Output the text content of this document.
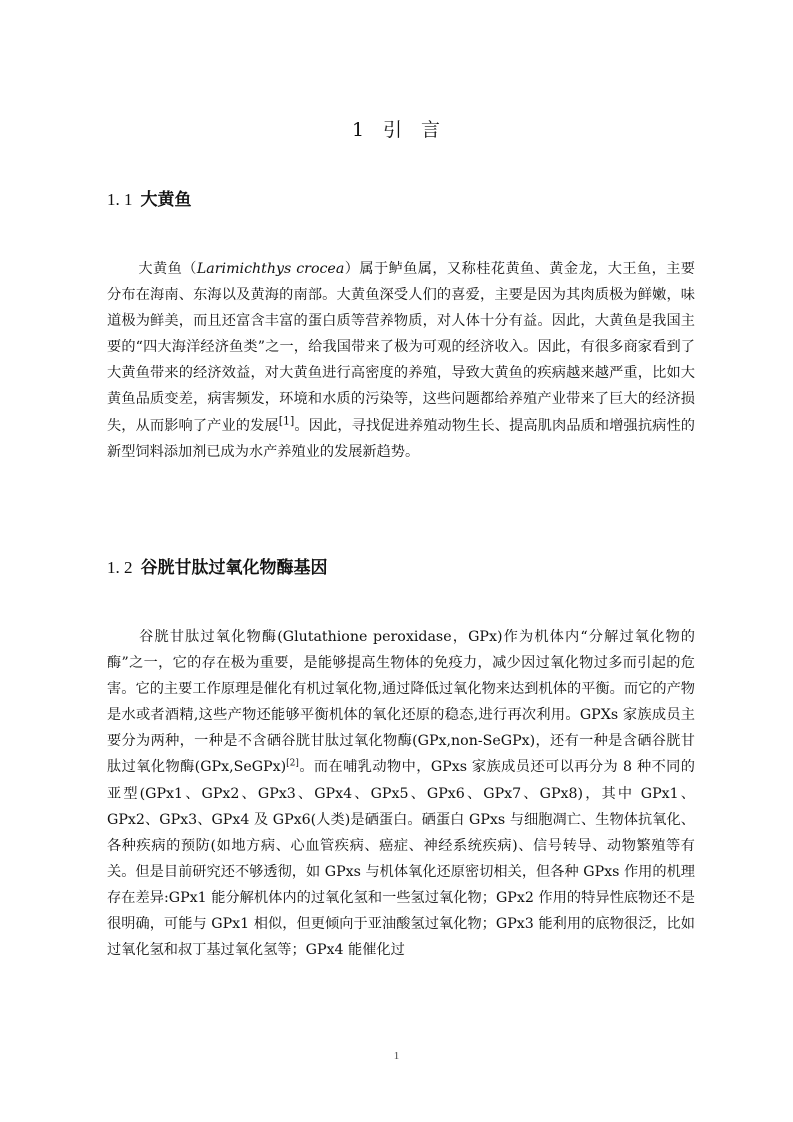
1 引 言
1. 1 大黄鱼

大黄鱼（Larimichthys crocea）属于鲈鱼属，又称桂花黄鱼、黄金龙，大王鱼，主要分布在海南、东海以及黄海的南部。大黄鱼深受人们的喜爱，主要是因为其肉质极为鲜嫩，味道极为鲜美，而且还富含丰富的蛋白质等营养物质，对人体十分有益。因此，大黄鱼是我国主要的“四大海洋经济鱼类”之一，给我国带来了极为可观的经济收入。因此，有很多商家看到了大黄鱼带来的经济效益，对大黄鱼进行高密度的养殖，导致大黄鱼的疾病越来越严重，比如大黄鱼品质变差，病害频发，环境和水质的污染等，这些问题都给养殖产业带来了巨大的经济损失，从而影响了产业的发展[1]。因此，寻找促进养殖动物生长、提高肌肉品质和增强抗病性的新型饲料添加剂已成为水产养殖业的发展新趋势。

1. 2 谷胱甘肽过氧化物酶基因

谷胱甘肽过氧化物酶(Glutathione peroxidase，GPx)作为机体内“分解过氧化物的酶”之一，它的存在极为重要，是能够提高生物体的免疫力，减少因过氧化物过多而引起的危害。它的主要工作原理是催化有机过氧化物,通过降低过氧化物来达到机体的平衡。而它的产物是水或者酒精,这些产物还能够平衡机体的氧化还原的稳态,进行再次利用。GPXs 家族成员主要分为两种，一种是不含硒谷胱甘肽过氧化物酶(GPx,non-SeGPx)，还有一种是含硒谷胱甘肽过氧化物酶(GPx,SeGPx)[2]。而在哺乳动物中，GPxs 家族成员还可以再分为 8 种不同的亚型(GPx1、GPx2、GPx3、GPx4、GPx5、GPx6、GPx7、GPx8)，其中 GPx1、GPx2、GPx3、GPx4 及 GPx6(人类)是硒蛋白。硒蛋白 GPxs 与细胞凋亡、生物体抗氧化、各种疾病的预防(如地方病、心血管疾病、癌症、神经系统疾病)、信号转导、动物繁殖等有关。但是目前研究还不够透彻，如 GPxs 与机体氧化还原密切相关，但各种 GPxs 作用的机理存在差异:GPx1 能分解机体内的过氧化氢和一些氢过氧化物；GPx2 作用的特异性底物还不是很明确，可能与 GPx1 相似，但更倾向于亚油酸氢过氧化物；GPx3 能利用的底物很泛，比如过氧化氢和叔丁基过氧化氢等；GPx4 能催化过

1
